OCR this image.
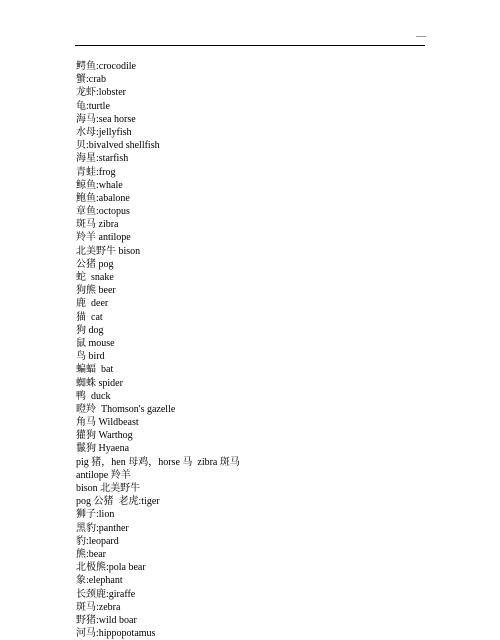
—
鳄鱼:crocodile
蟹:crab
龙虾:lobster
龟:turtle
海马:sea horse
水母:jellyfish
贝:bivalved shellfish
海星:starfish
青蛙:frog
鲸鱼:whale
鲍鱼:abalone
章鱼:octopus
斑马 zibra
羚羊 antilope
北美野牛 bison
公猪 pog
蛇  snake
狗熊 beer
鹿  deer
猫  cat
狗 dog
鼠 mouse
鸟 bird
蝙蝠  bat
蜘蛛 spider
鸭  duck
瞪羚  Thomson's gazelle
角马 Wildbeast
獾狗 Warthog
鬣狗 Hyaena
pig 猪，hen 母鸡，horse 马  zibra 斑马
antilope 羚羊
bison 北美野牛
pog 公猪  老虎:tiger
狮子:lion
黑豹:panther
豹:leopard
熊:bear
北极熊:pola bear
象:elephant
长颈鹿:giraffe
斑马:zebra
野猪:wild boar
河马:hippopotamus
